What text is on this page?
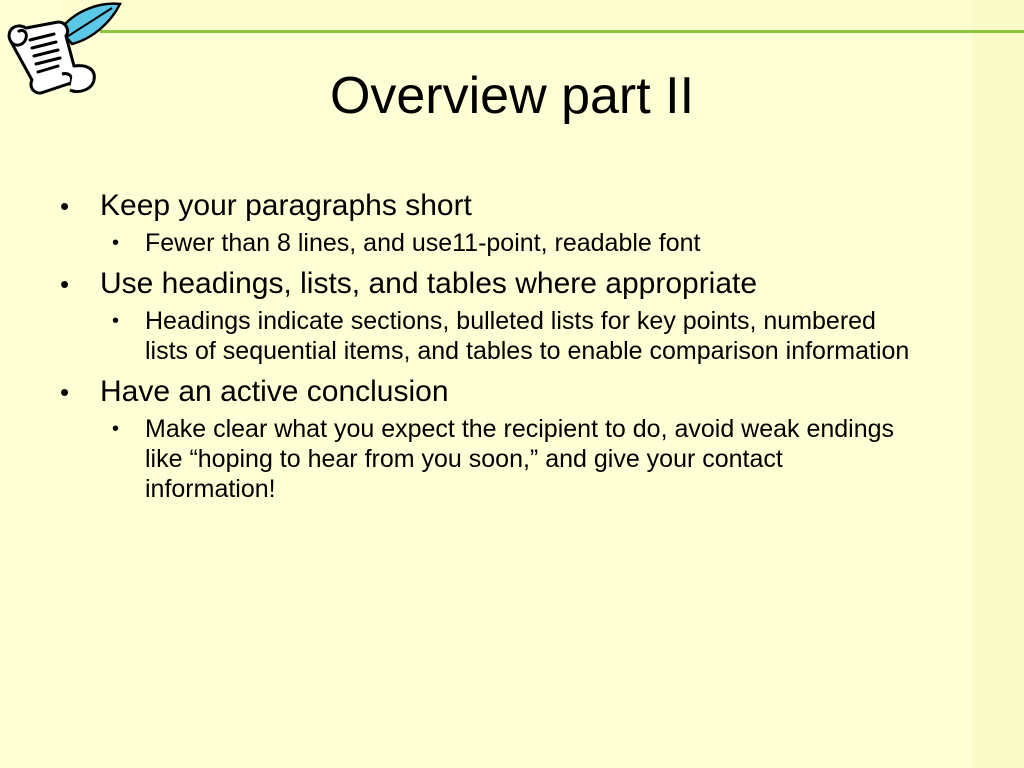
Overview part II
• Keep your paragraphs short
• Fewer than 8 lines, and use11-point, readable font
• Use headings, lists, and tables where appropriate
• Headings indicate sections, bulleted lists for key points, numbered lists of sequential items, and tables to enable comparison information
• Have an active conclusion
• Make clear what you expect the recipient to do, avoid weak endings like “hoping to hear from you soon,” and give your contact information!
